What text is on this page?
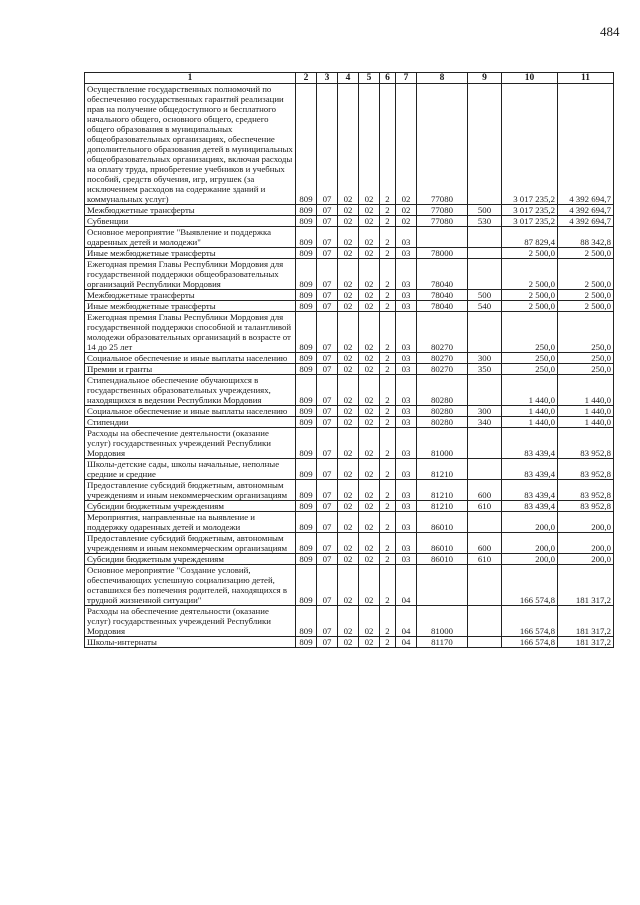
484
1	2	3	4	5	6	7	8	9	10	11
Осуществление государственных полномочий по обеспечению государственных гарантий реализации прав на получение общедоступного и бесплатного начального общего, основного общего, среднего общего образования в муниципальных общеобразовательных организациях, обеспечение дополнительного образования детей в муниципальных общеобразовательных организациях, включая расходы на оплату труда, приобретение учебников и учебных пособий, средств обучения, игр, игрушек (за исключением расходов на содержание зданий и коммунальных услуг)	809	07	02	02	2	02	77080		3 017 235,2	4 392 694,7
Межбюджетные трансферты	809	07	02	02	2	02	77080	500	3 017 235,2	4 392 694,7
Субвенции	809	07	02	02	2	02	77080	530	3 017 235,2	4 392 694,7
Основное мероприятие "Выявление и поддержка одаренных детей и молодежи"	809	07	02	02	2	03			87 829,4	88 342,8
Иные межбюджетные трансферты	809	07	02	02	2	03	78000		2 500,0	2 500,0
Ежегодная премия Главы Республики Мордовия для государственной поддержки общеобразовательных организаций Республики Мордовия	809	07	02	02	2	03	78040		2 500,0	2 500,0
Межбюджетные трансферты	809	07	02	02	2	03	78040	500	2 500,0	2 500,0
Иные межбюджетные трансферты	809	07	02	02	2	03	78040	540	2 500,0	2 500,0
Ежегодная премия Главы Республики Мордовия для государственной поддержки способной и талантливой молодежи образовательных организаций в возрасте от 14 до 25 лет	809	07	02	02	2	03	80270		250,0	250,0
Социальное обеспечение и иные выплаты населению	809	07	02	02	2	03	80270	300	250,0	250,0
Премии и гранты	809	07	02	02	2	03	80270	350	250,0	250,0
Стипендиальное обеспечение обучающихся в государственных образовательных учреждениях, находящихся в ведении Республики Мордовия	809	07	02	02	2	03	80280		1 440,0	1 440,0
Социальное обеспечение и иные выплаты населению	809	07	02	02	2	03	80280	300	1 440,0	1 440,0
Стипендии	809	07	02	02	2	03	80280	340	1 440,0	1 440,0
Расходы на обеспечение деятельности (оказание услуг) государственных учреждений Республики Мордовия	809	07	02	02	2	03	81000		83 439,4	83 952,8
Школы-детские сады, школы начальные, неполные средние и средние	809	07	02	02	2	03	81210		83 439,4	83 952,8
Предоставление субсидий бюджетным, автономным учреждениям и иным некоммерческим организациям	809	07	02	02	2	03	81210	600	83 439,4	83 952,8
Субсидии бюджетным учреждениям	809	07	02	02	2	03	81210	610	83 439,4	83 952,8
Мероприятия, направленные на выявление и поддержку одаренных детей и молодежи	809	07	02	02	2	03	86010		200,0	200,0
Предоставление субсидий бюджетным, автономным учреждениям и иным некоммерческим организациям	809	07	02	02	2	03	86010	600	200,0	200,0
Субсидии бюджетным учреждениям	809	07	02	02	2	03	86010	610	200,0	200,0
Основное мероприятие "Создание условий, обеспечивающих успешную социализацию детей, оставшихся без попечения родителей, находящихся в трудной жизненной ситуации"	809	07	02	02	2	04			166 574,8	181 317,2
Расходы на обеспечение деятельности (оказание услуг) государственных учреждений Республики Мордовия	809	07	02	02	2	04	81000		166 574,8	181 317,2
Школы-интернаты	809	07	02	02	2	04	81170		166 574,8	181 317,2
